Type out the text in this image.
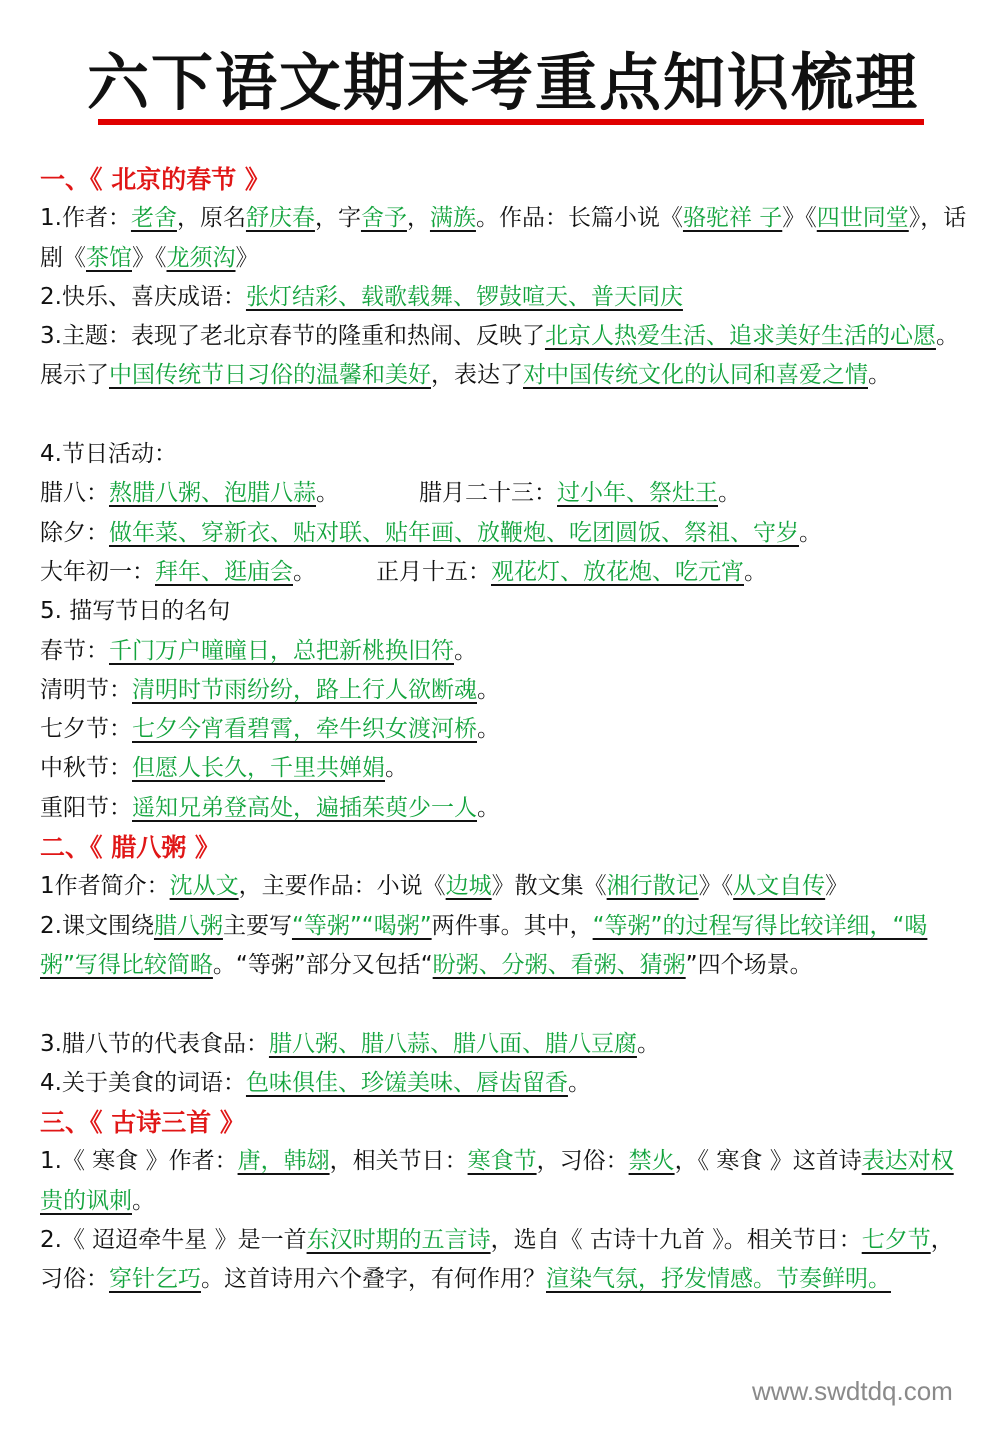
六下语文期末考重点知识梳理
一、《 北京的春节 》
1.作者：老舍，原名舒庆春，字舍予，满族。作品：长篇小说《骆驼祥 子》《四世同堂》，话剧《茶馆》《龙须沟》
2.快乐、喜庆成语：张灯结彩、载歌载舞、锣鼓喧天、普天同庆
3.主题：表现了老北京春节的隆重和热闹、反映了北京人热爱生活、追求美好生活的心愿。展示了中国传统节日习俗的温馨和美好，表达了对中国传统文化的认同和喜爱之情。
4.节日活动：
腊八：熬腊八粥、泡腊八蒜。	腊月二十三：过小年、祭灶王。
除夕：做年菜、穿新衣、贴对联、贴年画、放鞭炮、吃团圆饭、祭祖、守岁。
大年初一：拜年、逛庙会。	正月十五：观花灯、放花炮、吃元宵。
5. 描写节日的名句
春节：千门万户曈曈日，总把新桃换旧符。
清明节：清明时节雨纷纷，路上行人欲断魂。
七夕节：七夕今宵看碧霄，牵牛织女渡河桥。
中秋节：但愿人长久，千里共婵娟。
重阳节：遥知兄弟登高处，遍插茱萸少一人。
二、《 腊八粥 》
1作者简介：沈从文，主要作品：小说《边城》散文集《湘行散记》《从文自传》
2.课文围绕腊八粥主要写“等粥”“喝粥”两件事。其中，“等粥”的过程写得比较详细，“喝粥”写得比较简略。“等粥”部分又包括“盼粥、分粥、看粥、猜粥”四个场景。
3.腊八节的代表食品：腊八粥、腊八蒜、腊八面、腊八豆腐。
4.关于美食的词语：色味俱佳、珍馐美味、唇齿留香。
三、《 古诗三首 》
1.《 寒食 》作者：唐，韩翃，相关节日：寒食节，习俗：禁火，《 寒食 》这首诗表达对权贵的讽刺。
2.《 迢迢牵牛星 》是一首东汉时期的五言诗，选自《 古诗十九首 》。相关节日：七夕节，习俗：穿针乞巧。这首诗用六个叠字，有何作用？渲染气氛，抒发情感。节奏鲜明。
www.swdtdq.com
